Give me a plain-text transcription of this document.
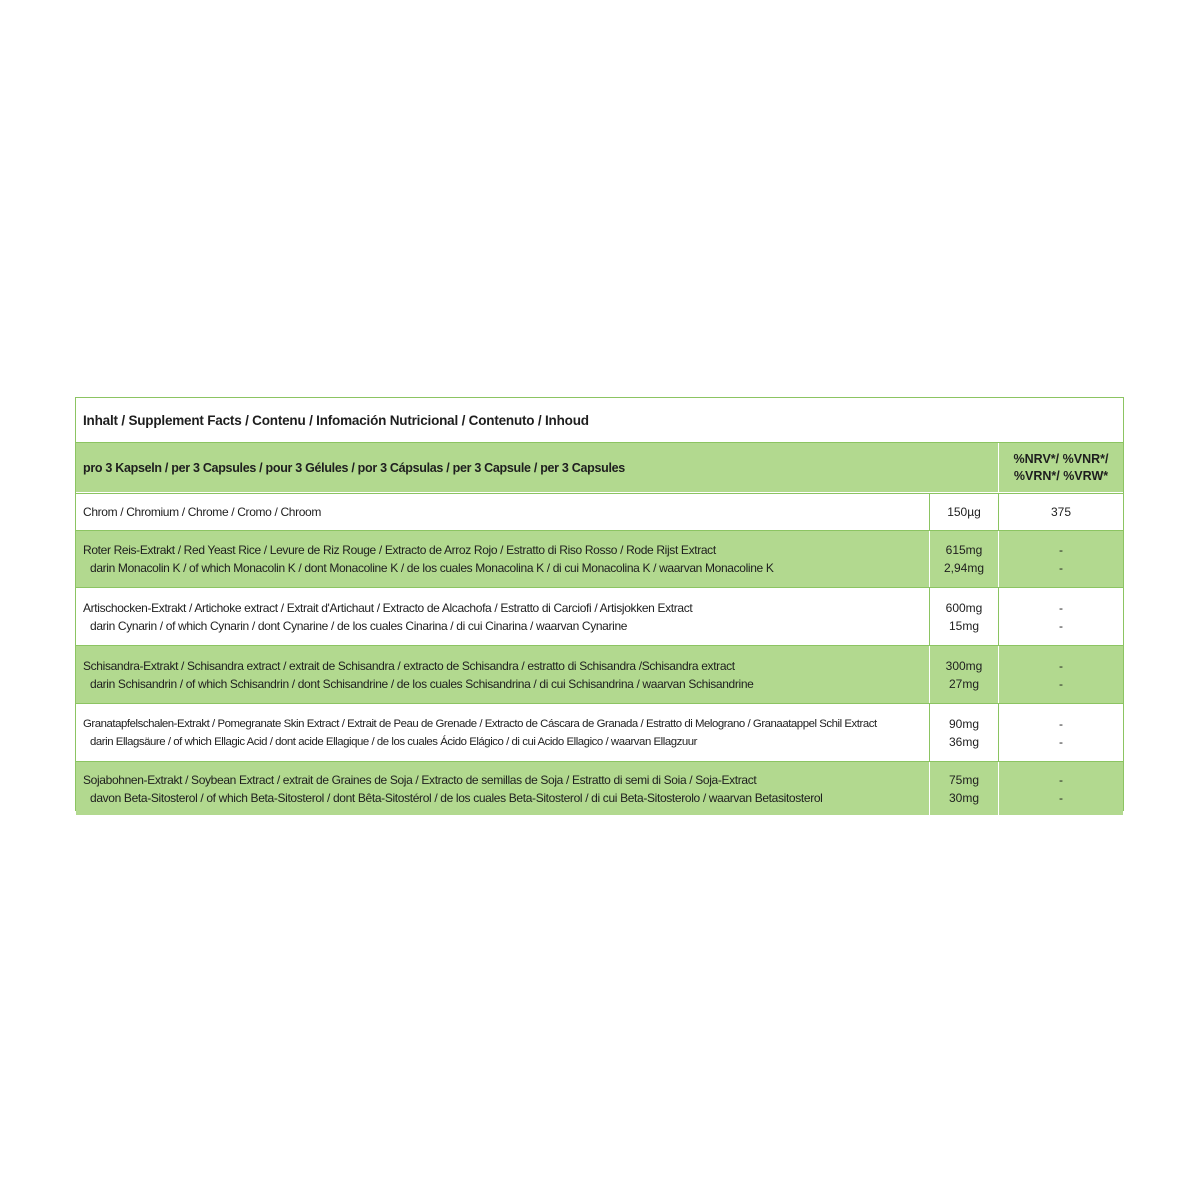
Inhalt / Supplement Facts / Contenu / Infomación Nutricional / Contenuto / Inhoud
pro 3 Kapseln / per 3 Capsules / pour 3 Gélules / por 3 Cápsulas / per 3 Capsule / per 3 Capsules
%NRV*/ %VNR*/
%VRN*/ %VRW*
Chrom / Chromium / Chrome / Cromo / Chroom	150µg	375
Roter Reis-Extrakt / Red Yeast Rice / Levure de Riz Rouge / Extracto de Arroz Rojo / Estratto di Riso Rosso / Rode Rijst Extract
darin Monacolin K / of which Monacolin K / dont Monacoline K / de los cuales Monacolina K / di cui Monacolina K / waarvan Monacoline K
615mg
2,94mg
-
-
Artischocken-Extrakt / Artichoke extract / Extrait d'Artichaut / Extracto de Alcachofa / Estratto di Carciofi / Artisjokken Extract
darin Cynarin / of which Cynarin / dont Cynarine / de los cuales Cinarina / di cui Cinarina / waarvan Cynarine
600mg
15mg
-
-
Schisandra-Extrakt / Schisandra extract / extrait de Schisandra / extracto de Schisandra / estratto di Schisandra /Schisandra extract
darin Schisandrin / of which Schisandrin / dont Schisandrine / de los cuales Schisandrina / di cui Schisandrina / waarvan Schisandrine
300mg
27mg
-
-
Granatapfelschalen-Extrakt / Pomegranate Skin Extract / Extrait de Peau de Grenade / Extracto de Cáscara de Granada / Estratto di Melograno / Granaatappel Schil Extract
darin Ellagsäure / of which Ellagic Acid / dont acide Ellagique / de los cuales Ácido Elágico / di cui Acido Ellagico / waarvan Ellagzuur
90mg
36mg
-
-
Sojabohnen-Extrakt / Soybean Extract / extrait de Graines de Soja / Extracto de semillas de Soja / Estratto di semi di Soia / Soja-Extract
davon Beta-Sitosterol / of which Beta-Sitosterol / dont Bêta-Sitostérol / de los cuales Beta-Sitosterol / di cui Beta-Sitosterolo / waarvan Betasitosterol
75mg
30mg
-
-
